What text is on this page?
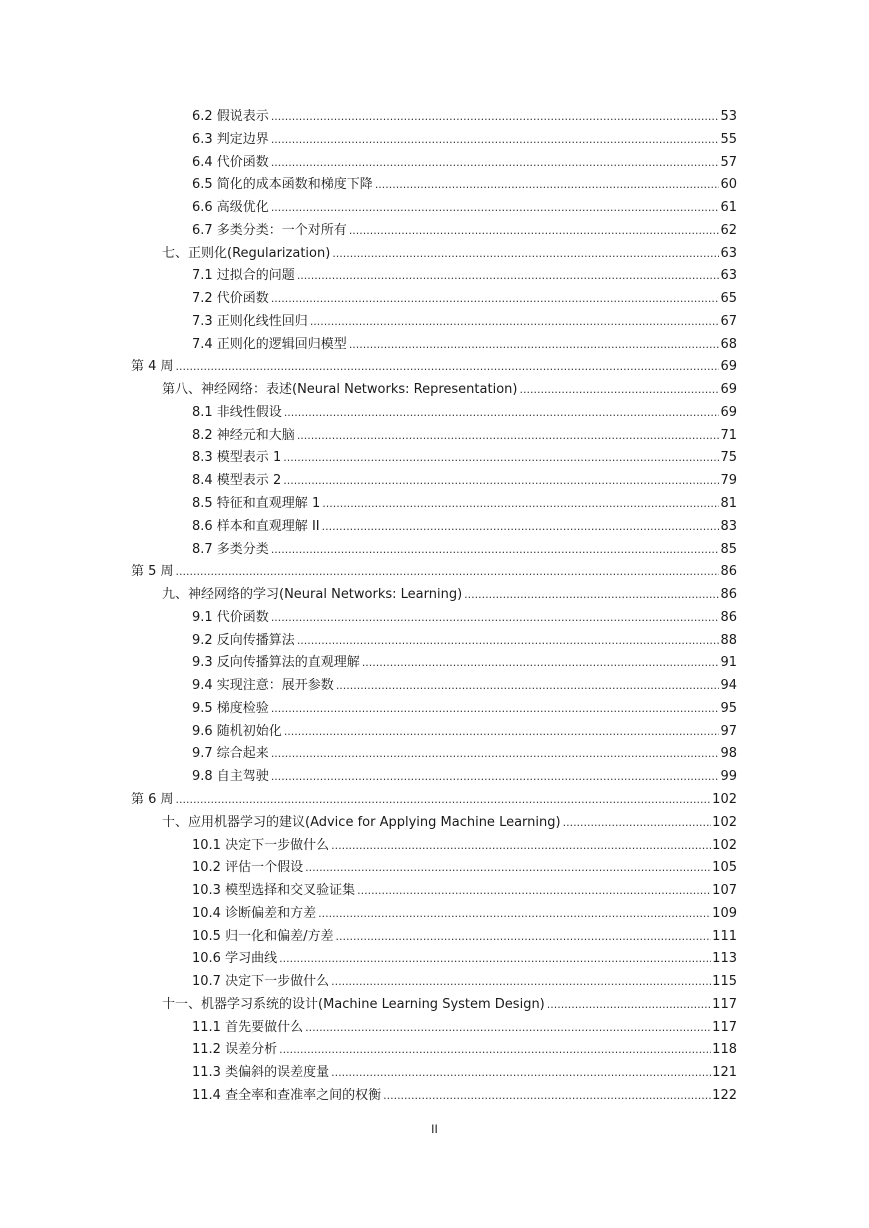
6.2 假说表示 .....	53
6.3 判定边界 .....	55
6.4 代价函数 .....	57
6.5 简化的成本函数和梯度下降 .....	60
6.6 高级优化 .....	61
6.7 多类分类：一个对所有 .....	62
七、正则化(Regularization) .....	63
7.1 过拟合的问题 .....	63
7.2 代价函数 .....	65
7.3 正则化线性回归 .....	67
7.4 正则化的逻辑回归模型 .....	68
第 4 周 .....	69
第八、神经网络：表述(Neural Networks: Representation) .....	69
8.1 非线性假设 .....	69
8.2 神经元和大脑 .....	71
8.3 模型表示 1 .....	75
8.4 模型表示 2 .....	79
8.5 特征和直观理解 1 .....	81
8.6 样本和直观理解 II .....	83
8.7 多类分类 .....	85
第 5 周 .....	86
九、神经网络的学习(Neural Networks: Learning) .....	86
9.1 代价函数 .....	86
9.2 反向传播算法 .....	88
9.3 反向传播算法的直观理解 .....	91
9.4 实现注意：展开参数 .....	94
9.5 梯度检验 .....	95
9.6 随机初始化 .....	97
9.7 综合起来 .....	98
9.8 自主驾驶 .....	99
第 6 周 .....	102
十、应用机器学习的建议(Advice for Applying Machine Learning) .....	102
10.1 决定下一步做什么 .....	102
10.2 评估一个假设 .....	105
10.3 模型选择和交叉验证集 .....	107
10.4 诊断偏差和方差 .....	109
10.5 归一化和偏差/方差 .....	111
10.6 学习曲线 .....	113
10.7 决定下一步做什么 .....	115
十一、机器学习系统的设计(Machine Learning System Design) .....	117
11.1 首先要做什么 .....	117
11.2 误差分析 .....	118
11.3 类偏斜的误差度量 .....	121
11.4 查全率和查准率之间的权衡 .....	122
II
